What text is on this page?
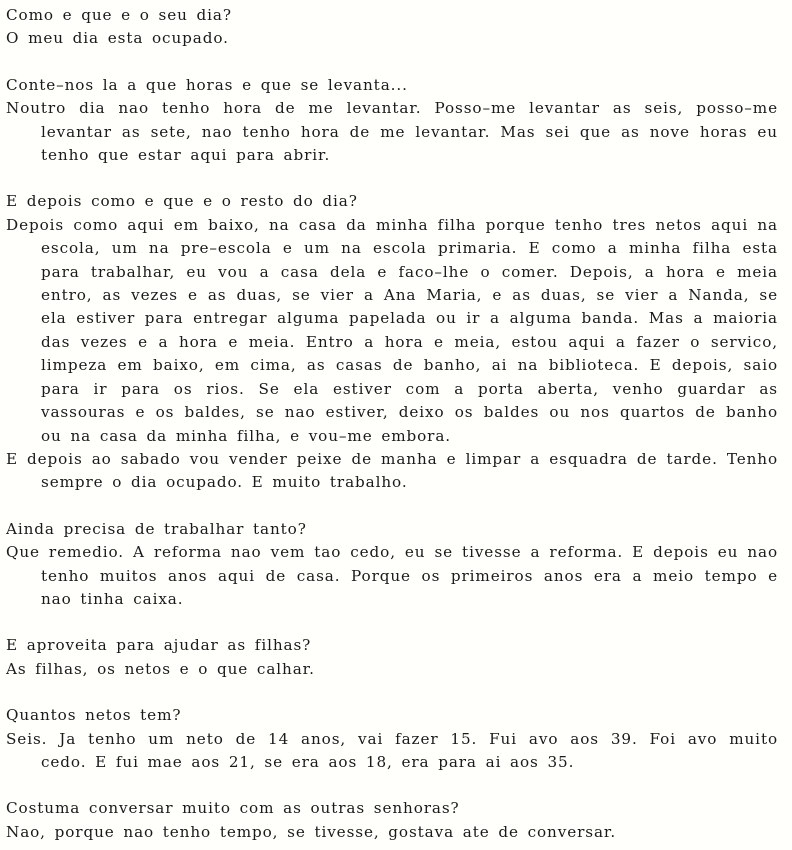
Como e que e o seu dia?

O meu dia esta ocupado.

Conte–nos la a que horas e que se levanta...

Noutro dia nao tenho hora de me levantar. Posso–me levantar as seis, posso–me levantar as sete, nao tenho hora de me levantar. Mas sei que as nove horas eu tenho que estar aqui para abrir.

E depois como e que e o resto do dia?

Depois como aqui em baixo, na casa da minha filha porque tenho tres netos aqui na escola, um na pre–escola e um na escola primaria. E como a minha filha esta para trabalhar, eu vou a casa dela e faco–lhe o comer. Depois, a hora e meia entro, as vezes e as duas, se vier a Ana Maria, e as duas, se vier a Nanda, se ela estiver para entregar alguma papelada ou ir a alguma banda. Mas a maioria das vezes e a hora e meia. Entro a hora e meia, estou aqui a fazer o servico, limpeza em baixo, em cima, as casas de banho, ai na biblioteca. E depois, saio para ir para os rios. Se ela estiver com a porta aberta, venho guardar as vassouras e os baldes, se nao estiver, deixo os baldes ou nos quartos de banho ou na casa da minha filha, e vou–me embora.

E depois ao sabado vou vender peixe de manha e limpar a esquadra de tarde. Tenho sempre o dia ocupado. E muito trabalho.

Ainda precisa de trabalhar tanto?

Que remedio. A reforma nao vem tao cedo, eu se tivesse a reforma. E depois eu nao tenho muitos anos aqui de casa. Porque os primeiros anos era a meio tempo e nao tinha caixa.

E aproveita para ajudar as filhas?

As filhas, os netos e o que calhar.

Quantos netos tem?

Seis. Ja tenho um neto de 14 anos, vai fazer 15. Fui avo aos 39. Foi avo muito cedo. E fui mae aos 21, se era aos 18, era para ai aos 35.

Costuma conversar muito com as outras senhoras?

Nao, porque nao tenho tempo, se tivesse, gostava ate de conversar.
